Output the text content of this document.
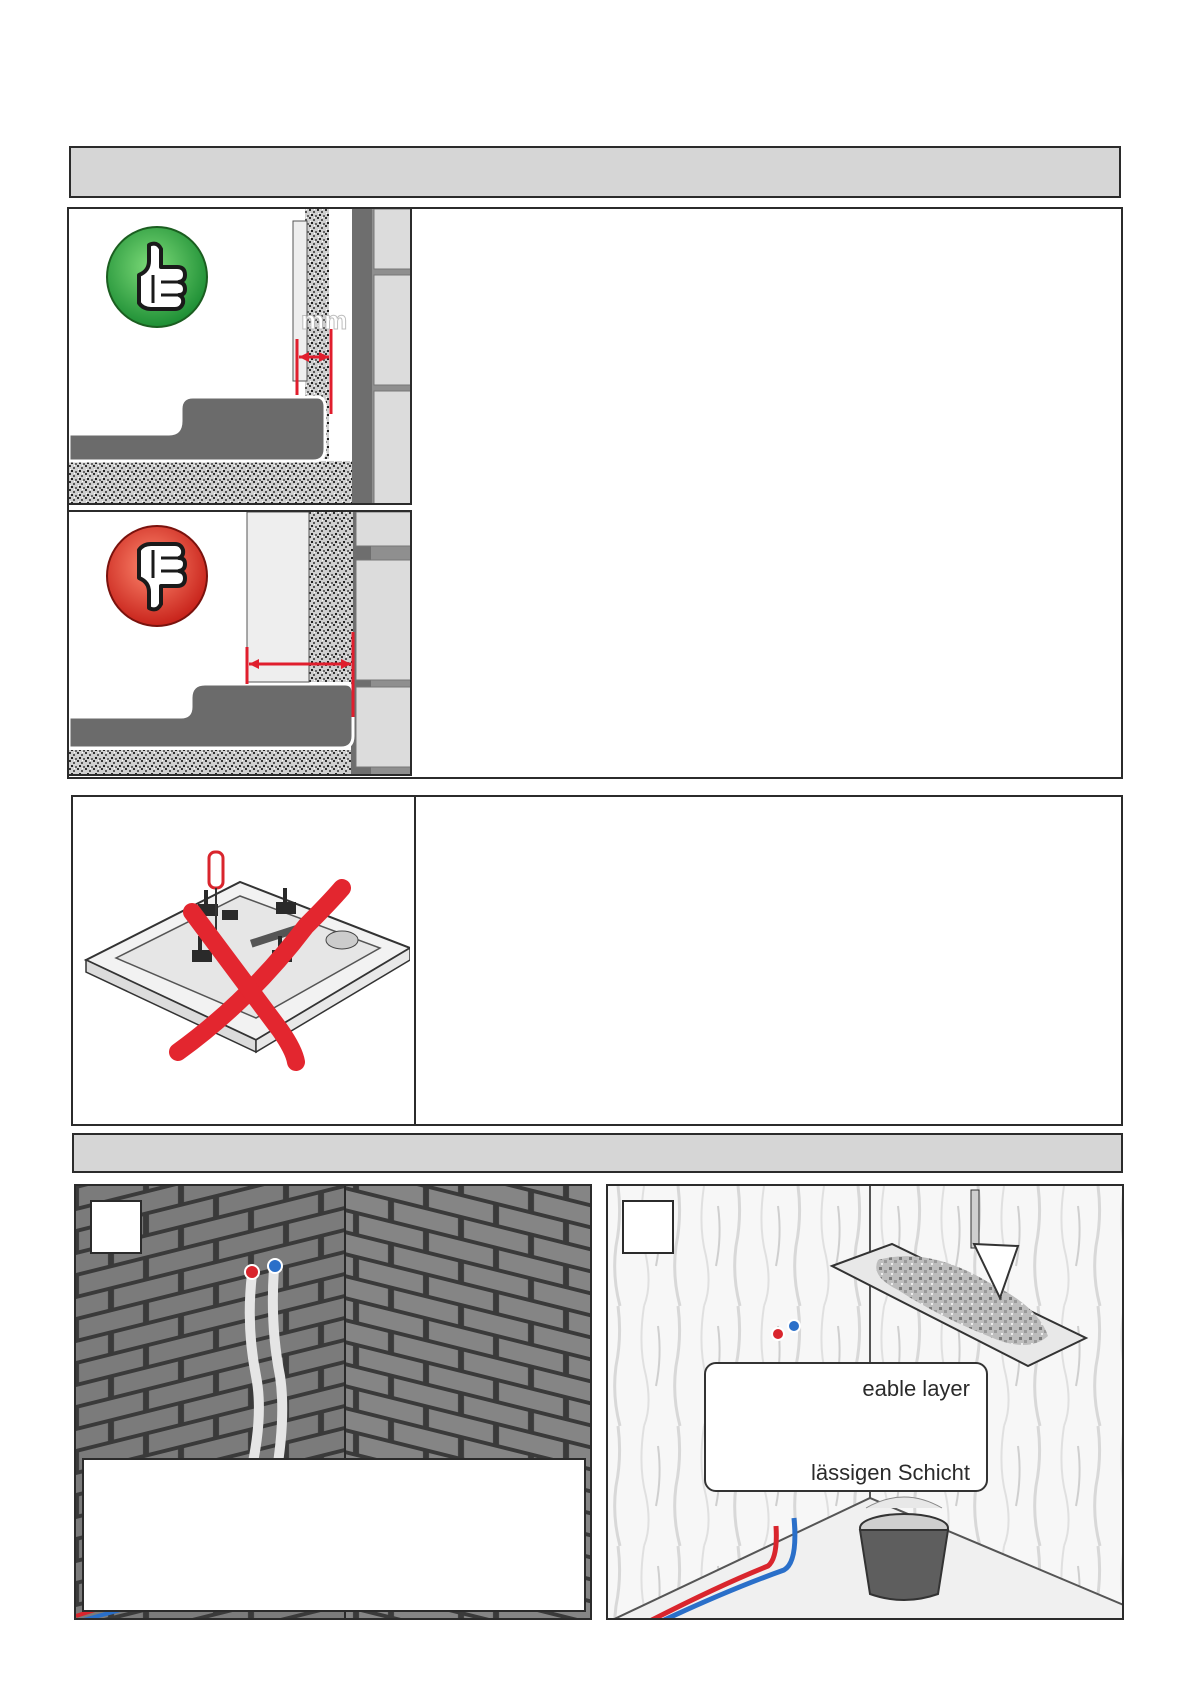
mm
eable layer
lässigen Schicht
